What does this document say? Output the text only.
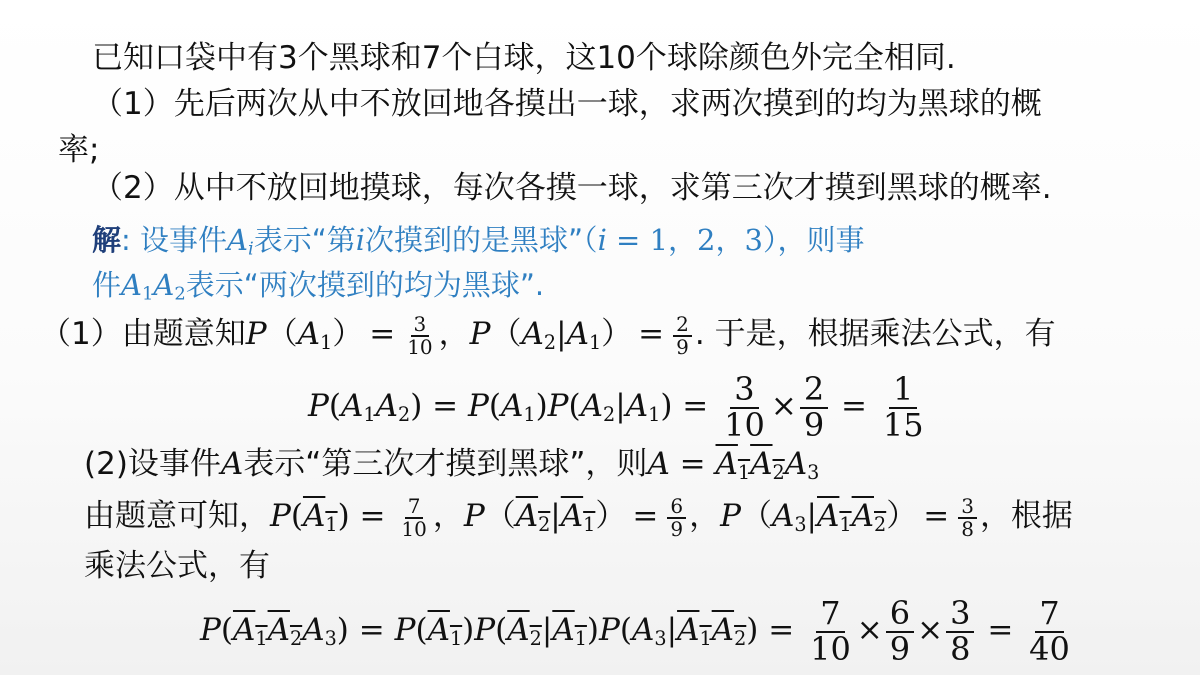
已知口袋中有3个黑球和7个白球，这10个球除颜色外完全相同.
（1）先后两次从中不放回地各摸出一球，求两次摸到的均为黑球的概
率;
（2）从中不放回地摸球，每次各摸一球，求第三次才摸到黑球的概率.
解: 设事件$A_i$表示“第i次摸到的是黑球”（i = 1，2，3），则事
件$A_1A_2$表示“两次摸到的均为黑球”.
（1）由题意知$P(A_1) = \frac{3}{10}$ ，$P(A_2|A_1) = \frac{2}{9}$ . 于是，根据乘法公式，有
$P(A_1A_2) = P(A_1)P(A_2|A_1) = \frac{3}{10} \times \frac{2}{9} = \frac{1}{15}$
(2)设事件A表示“第三次才摸到黑球”，则$A = A_1A_2A_3$
由题意可知，$P(A_1) = \frac{7}{10}$ ，$P(A_2|A_1) = \frac{6}{9}$ ，$P(A_3|A_1A_2) = \frac{3}{8}$ ，根据
乘法公式，有
$P(A_1A_2A_3) = P(A_1)P(A_2|A_1)P(A_3|A_1A_2) = \frac{7}{10} \times \frac{6}{9} \times \frac{3}{8} = \frac{7}{40}$
